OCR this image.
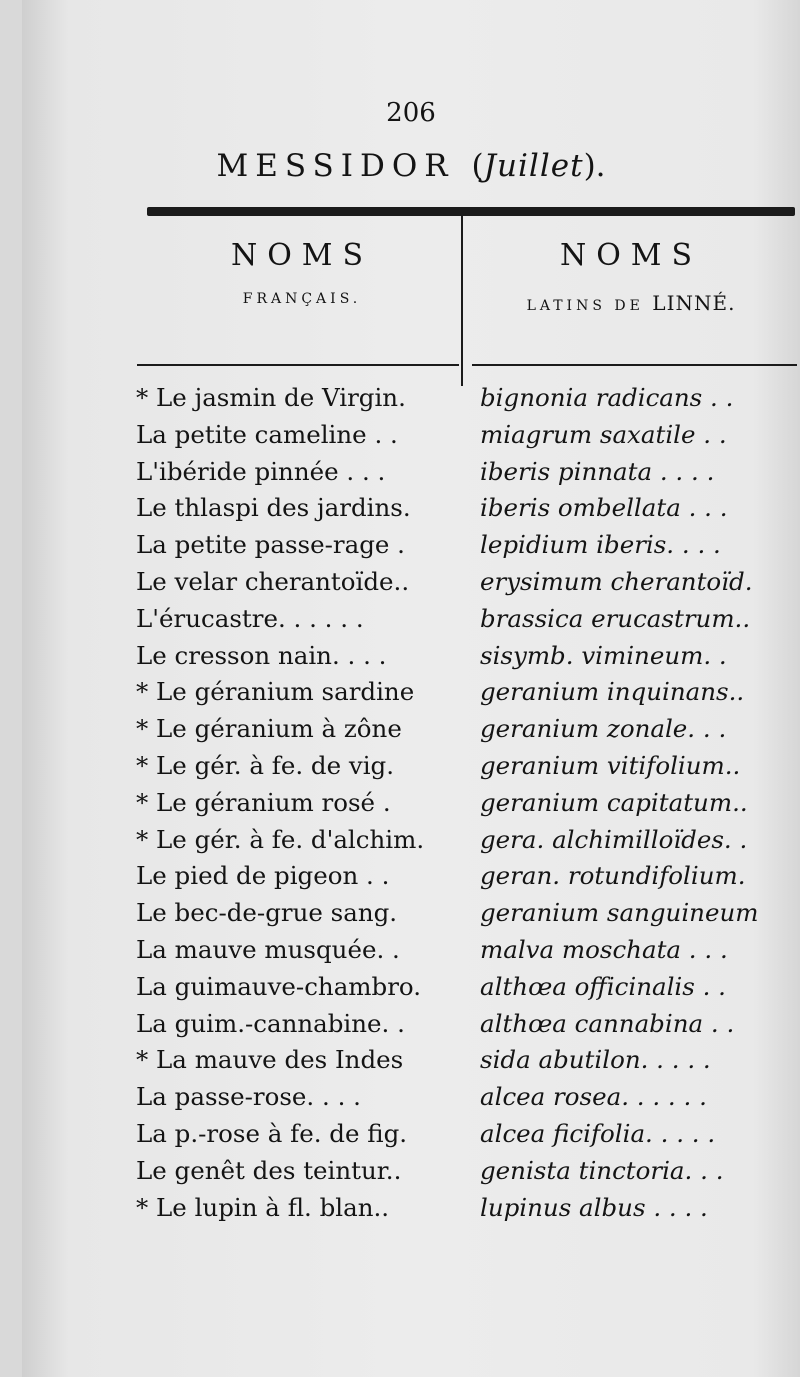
206
MESSIDOR (Juillet).
NOMS
FRANÇAIS.
NOMS
LATINS DE LINNÉ.
* Le jasmin de Virgin.	bignonia radicans . .
La petite cameline . .	miagrum saxatile . .
L'ibéride pinnée . . .	iberis pinnata . . . .
Le thlaspi des jardins.	iberis ombellata . . .
La petite passe-rage .	lepidium iberis. . . .
Le velar cherantoïde..	erysimum cherantoïd.
L'érucastre. . . . . .	brassica erucastrum..
Le cresson nain. . . .	sisymb. vimineum. .
* Le géranium sardine	geranium inquinans..
* Le géranium à zône	geranium zonale. . .
* Le gér. à fe. de vig.	geranium vitifolium..
* Le géranium rosé .	geranium capitatum..
* Le gér. à fe. d'alchim.	gera. alchimilloïdes. .
Le pied de pigeon . .	geran. rotundifolium.
Le bec-de-grue sang.	geranium sanguineum
La mauve musquée. .	malva moschata . . .
La guimauve-chambro.	althœa officinalis . .
La guim.-cannabine. .	althœa cannabina . .
* La mauve des Indes	sida abutilon. . . . .
La passe-rose. . . .	alcea rosea. . . . . .
La p.-rose à fe. de fig.	alcea ficifolia. . . . .
Le genêt des teintur..	genista tinctoria. . .
* Le lupin à fl. blan..	lupinus albus . . . .
